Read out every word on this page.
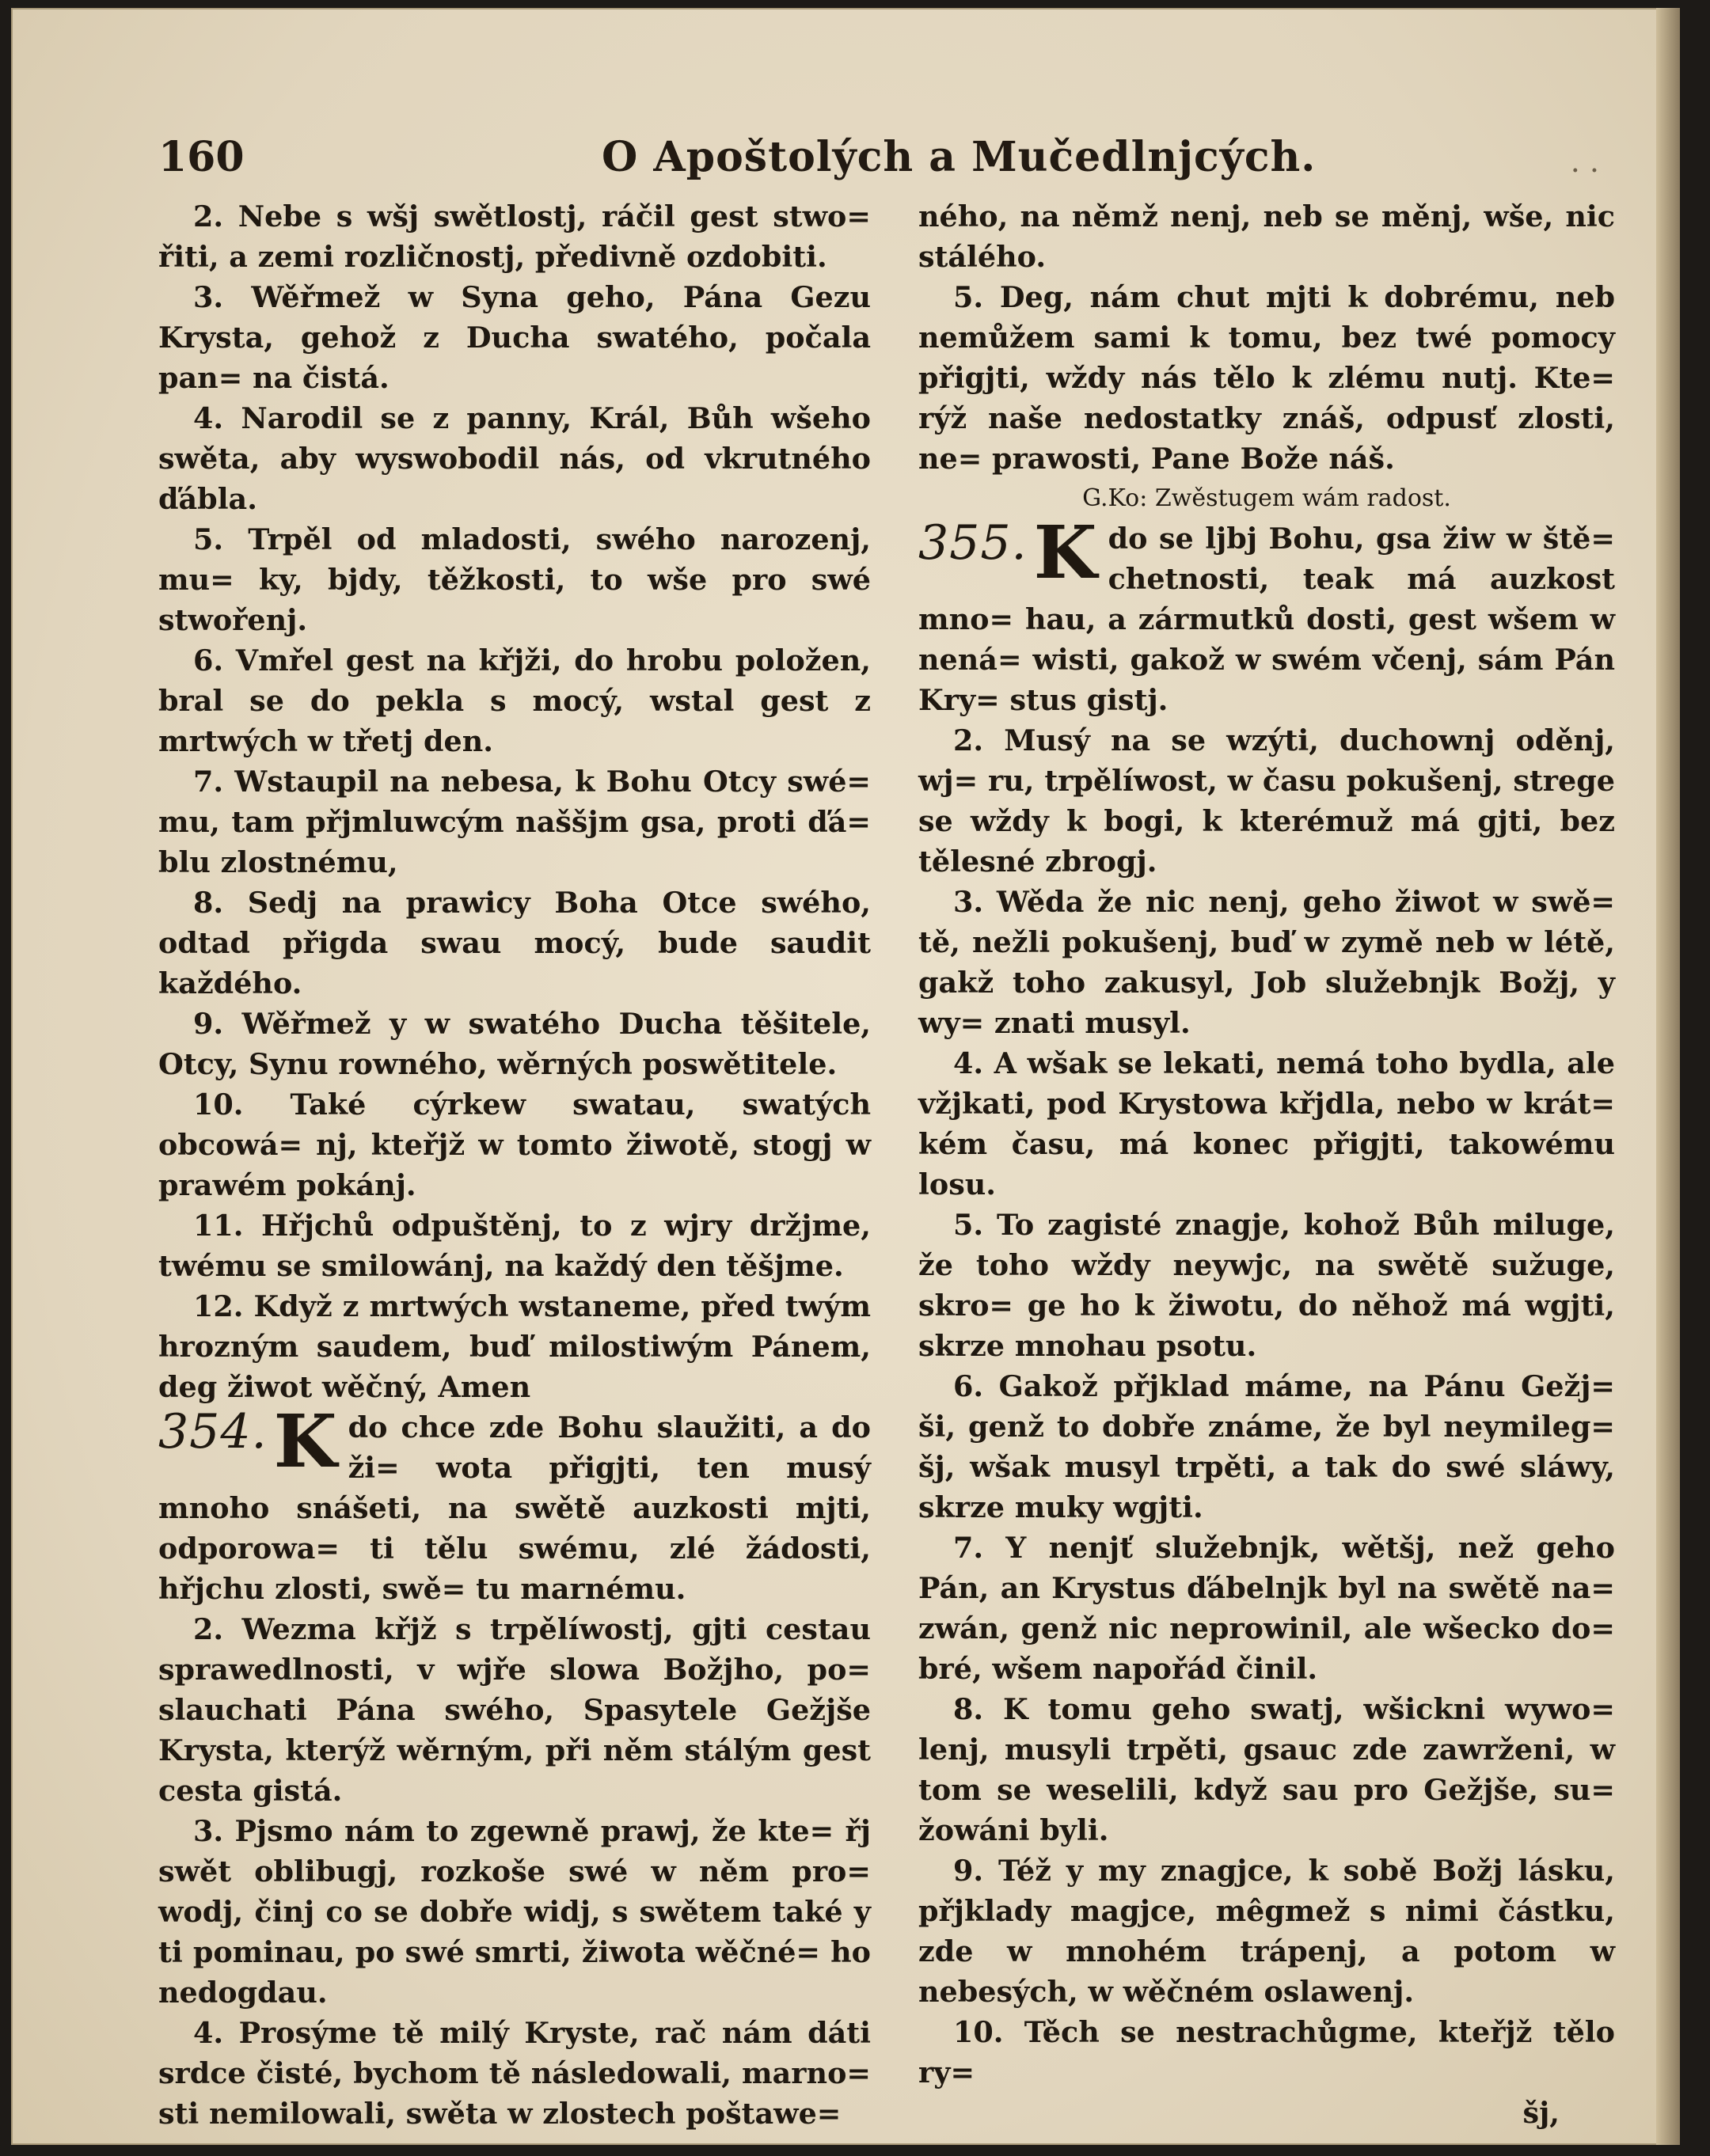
160	O Apoštolých a Mučedlnjcých.	. .

2. Nebe s wšj swětlostj, ráčil gest stwo= řiti, a zemi rozličnostj, předivně ozdobiti.

3. Wěřmež w Syna geho, Pána Gezu Krysta, gehož z Ducha swatého, počala pan= na čistá.

4. Narodil se z panny, Král, Bůh wšeho swěta, aby wyswobodil nás, od vkrutného ďábla.

5. Trpěl od mladosti, swého narozenj, mu= ky, bjdy, těžkosti, to wše pro swé stwořenj.

6. Vmřel gest na křjži, do hrobu položen, bral se do pekla s mocý, wstal gest z mrtwých w třetj den.

7. Wstaupil na nebesa, k Bohu Otcy swé= mu, tam přjmluwcým naššjm gsa, proti ďá= blu zlostnému,

8. Sedj na prawicy Boha Otce swého, odtad přigda swau mocý, bude saudit každého.

9. Wěřmež y w swatého Ducha těšitele, Otcy, Synu rowného, wěrných poswětitele.

10. Také cýrkew swatau, swatých obcowá= nj, kteřjž w tomto žiwotě, stogj w prawém pokánj.

11. Hřjchů odpuštěnj, to z wjry držjme, twému se smilowánj, na každý den těšjme.

12. Když z mrtwých wstaneme, před twým hrozným saudem, buď milostiwým Pánem, deg žiwot wěčný, Amen

354. K do chce zde Bohu slaužiti, a do ži= wota přigjti, ten musý mnoho snášeti, na swětě auzkosti mjti, odporowa= ti tělu swému, zlé žádosti, hřjchu zlosti, swě= tu marnému.

2. Wezma křjž s trpělíwostj, gjti cestau sprawedlnosti, v wjře slowa Božjho, po= slauchati Pána swého, Spasytele Gežjše Krysta, kterýž wěrným, při něm stálým gest cesta gistá.

3. Pjsmo nám to zgewně prawj, že kte= řj swět oblibugj, rozkoše swé w něm pro= wodj, činj co se dobře widj, s swětem také y ti pominau, po swé smrti, žiwota wěčné= ho nedogdau.

4. Prosýme tě milý Kryste, rač nám dáti srdce čisté, bychom tě následowali, marno= sti nemilowali, swěta w zlostech poštawe=

ného, na němž nenj, neb se měnj, wše, nic stálého.

5. Deg, nám chut mjti k dobrému, neb nemůžem sami k tomu, bez twé pomocy přigjti, wždy nás tělo k zlému nutj. Kte= rýž naše nedostatky znáš, odpusť zlosti, ne= prawosti, Pane Bože náš.

G.Ko: Zwěstugem wám radost.

355. K do se ljbj Bohu, gsa žiw w ště= chetnosti, teak má auzkost mno= hau, a zármutků dosti, gest wšem w nená= wisti, gakož w swém včenj, sám Pán Kry= stus gistj.

2. Musý na se wzýti, duchownj oděnj, wj= ru, trpělíwost, w času pokušenj, strege se wždy k bogi, k kterémuž má gjti, bez tělesné zbrogj.

3. Wěda že nic nenj, geho žiwot w swě= tě, nežli pokušenj, buď w zymě neb w létě, gakž toho zakusyl, Job služebnjk Božj, y wy= znati musyl.

4. A wšak se lekati, nemá toho bydla, ale vžjkati, pod Krystowa křjdla, nebo w krát= kém času, má konec přigjti, takowému losu.

5. To zagisté znagje, kohož Bůh miluge, že toho wždy neywjc, na swětě sužuge, skro= ge ho k žiwotu, do něhož má wgjti, skrze mnohau psotu.

6. Gakož přjklad máme, na Pánu Gežj= ši, genž to dobře známe, že byl neymileg= šj, wšak musyl trpěti, a tak do swé sláwy, skrze muky wgjti.

7. Y nenjť služebnjk, wětšj, než geho Pán, an Krystus ďábelnjk byl na swětě na= zwán, genž nic neprowinil, ale wšecko do= bré, wšem napořád činil.

8. K tomu geho swatj, wšickni wywo= lenj, musyli trpěti, gsauc zde zawrženi, w tom se weselili, když sau pro Gežjše, su= žowáni byli.

9. Též y my znagjce, k sobě Božj lásku, přjklady magjce, mêgmež s nimi částku, zde w mnohém trápenj, a potom w nebesých, w wěčném oslawenj.

10. Těch se nestrachůgme, kteřjž tělo ry=

šj,
